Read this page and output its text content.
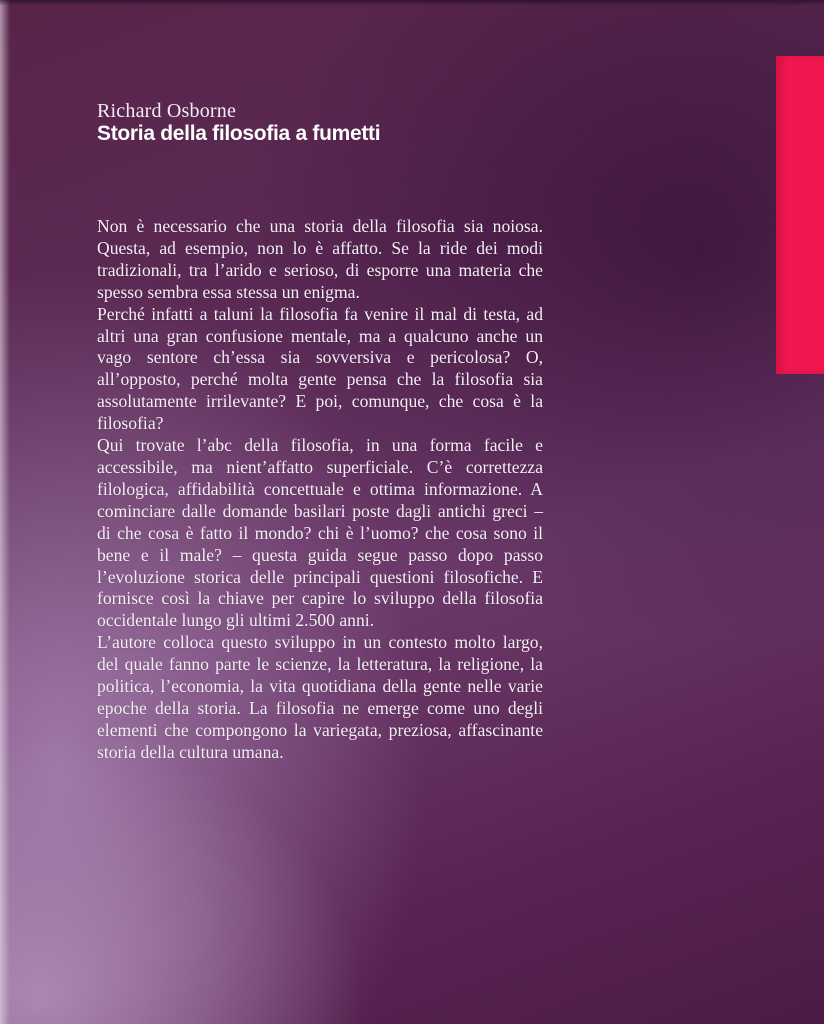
Richard Osborne
Storia della filosofia a fumetti

Non è necessario che una storia della filosofia sia noiosa. Questa, ad esempio, non lo è affatto. Se la ride dei modi tradizionali, tra l’arido e serioso, di esporre una materia che spesso sembra essa stessa un enigma.

Perché infatti a taluni la filosofia fa venire il mal di testa, ad altri una gran confusione mentale, ma a qualcuno anche un vago sentore ch’essa sia sovversiva e pericolosa? O, all’opposto, perché molta gente pensa che la filosofia sia assolutamente irrilevante? E poi, comunque, che cosa è la filosofia?

Qui trovate l’abc della filosofia, in una forma facile e accessibile, ma nient’affatto superficiale. C’è correttezza filologica, affidabilità concettuale e ottima informazione. A cominciare dalle domande basilari poste dagli antichi greci – di che cosa è fatto il mondo? chi è l’uomo? che cosa sono il bene e il male? – questa guida segue passo dopo passo l’evoluzione storica delle principali questioni filosofiche. E fornisce così la chiave per capire lo sviluppo della filosofia occidentale lungo gli ultimi 2.500 anni.

L’autore colloca questo sviluppo in un contesto molto largo, del quale fanno parte le scienze, la letteratura, la religione, la politica, l’economia, la vita quotidiana della gente nelle varie epoche della storia. La filosofia ne emerge come uno degli elementi che compongono la variegata, preziosa, affascinante storia della cultura umana.
